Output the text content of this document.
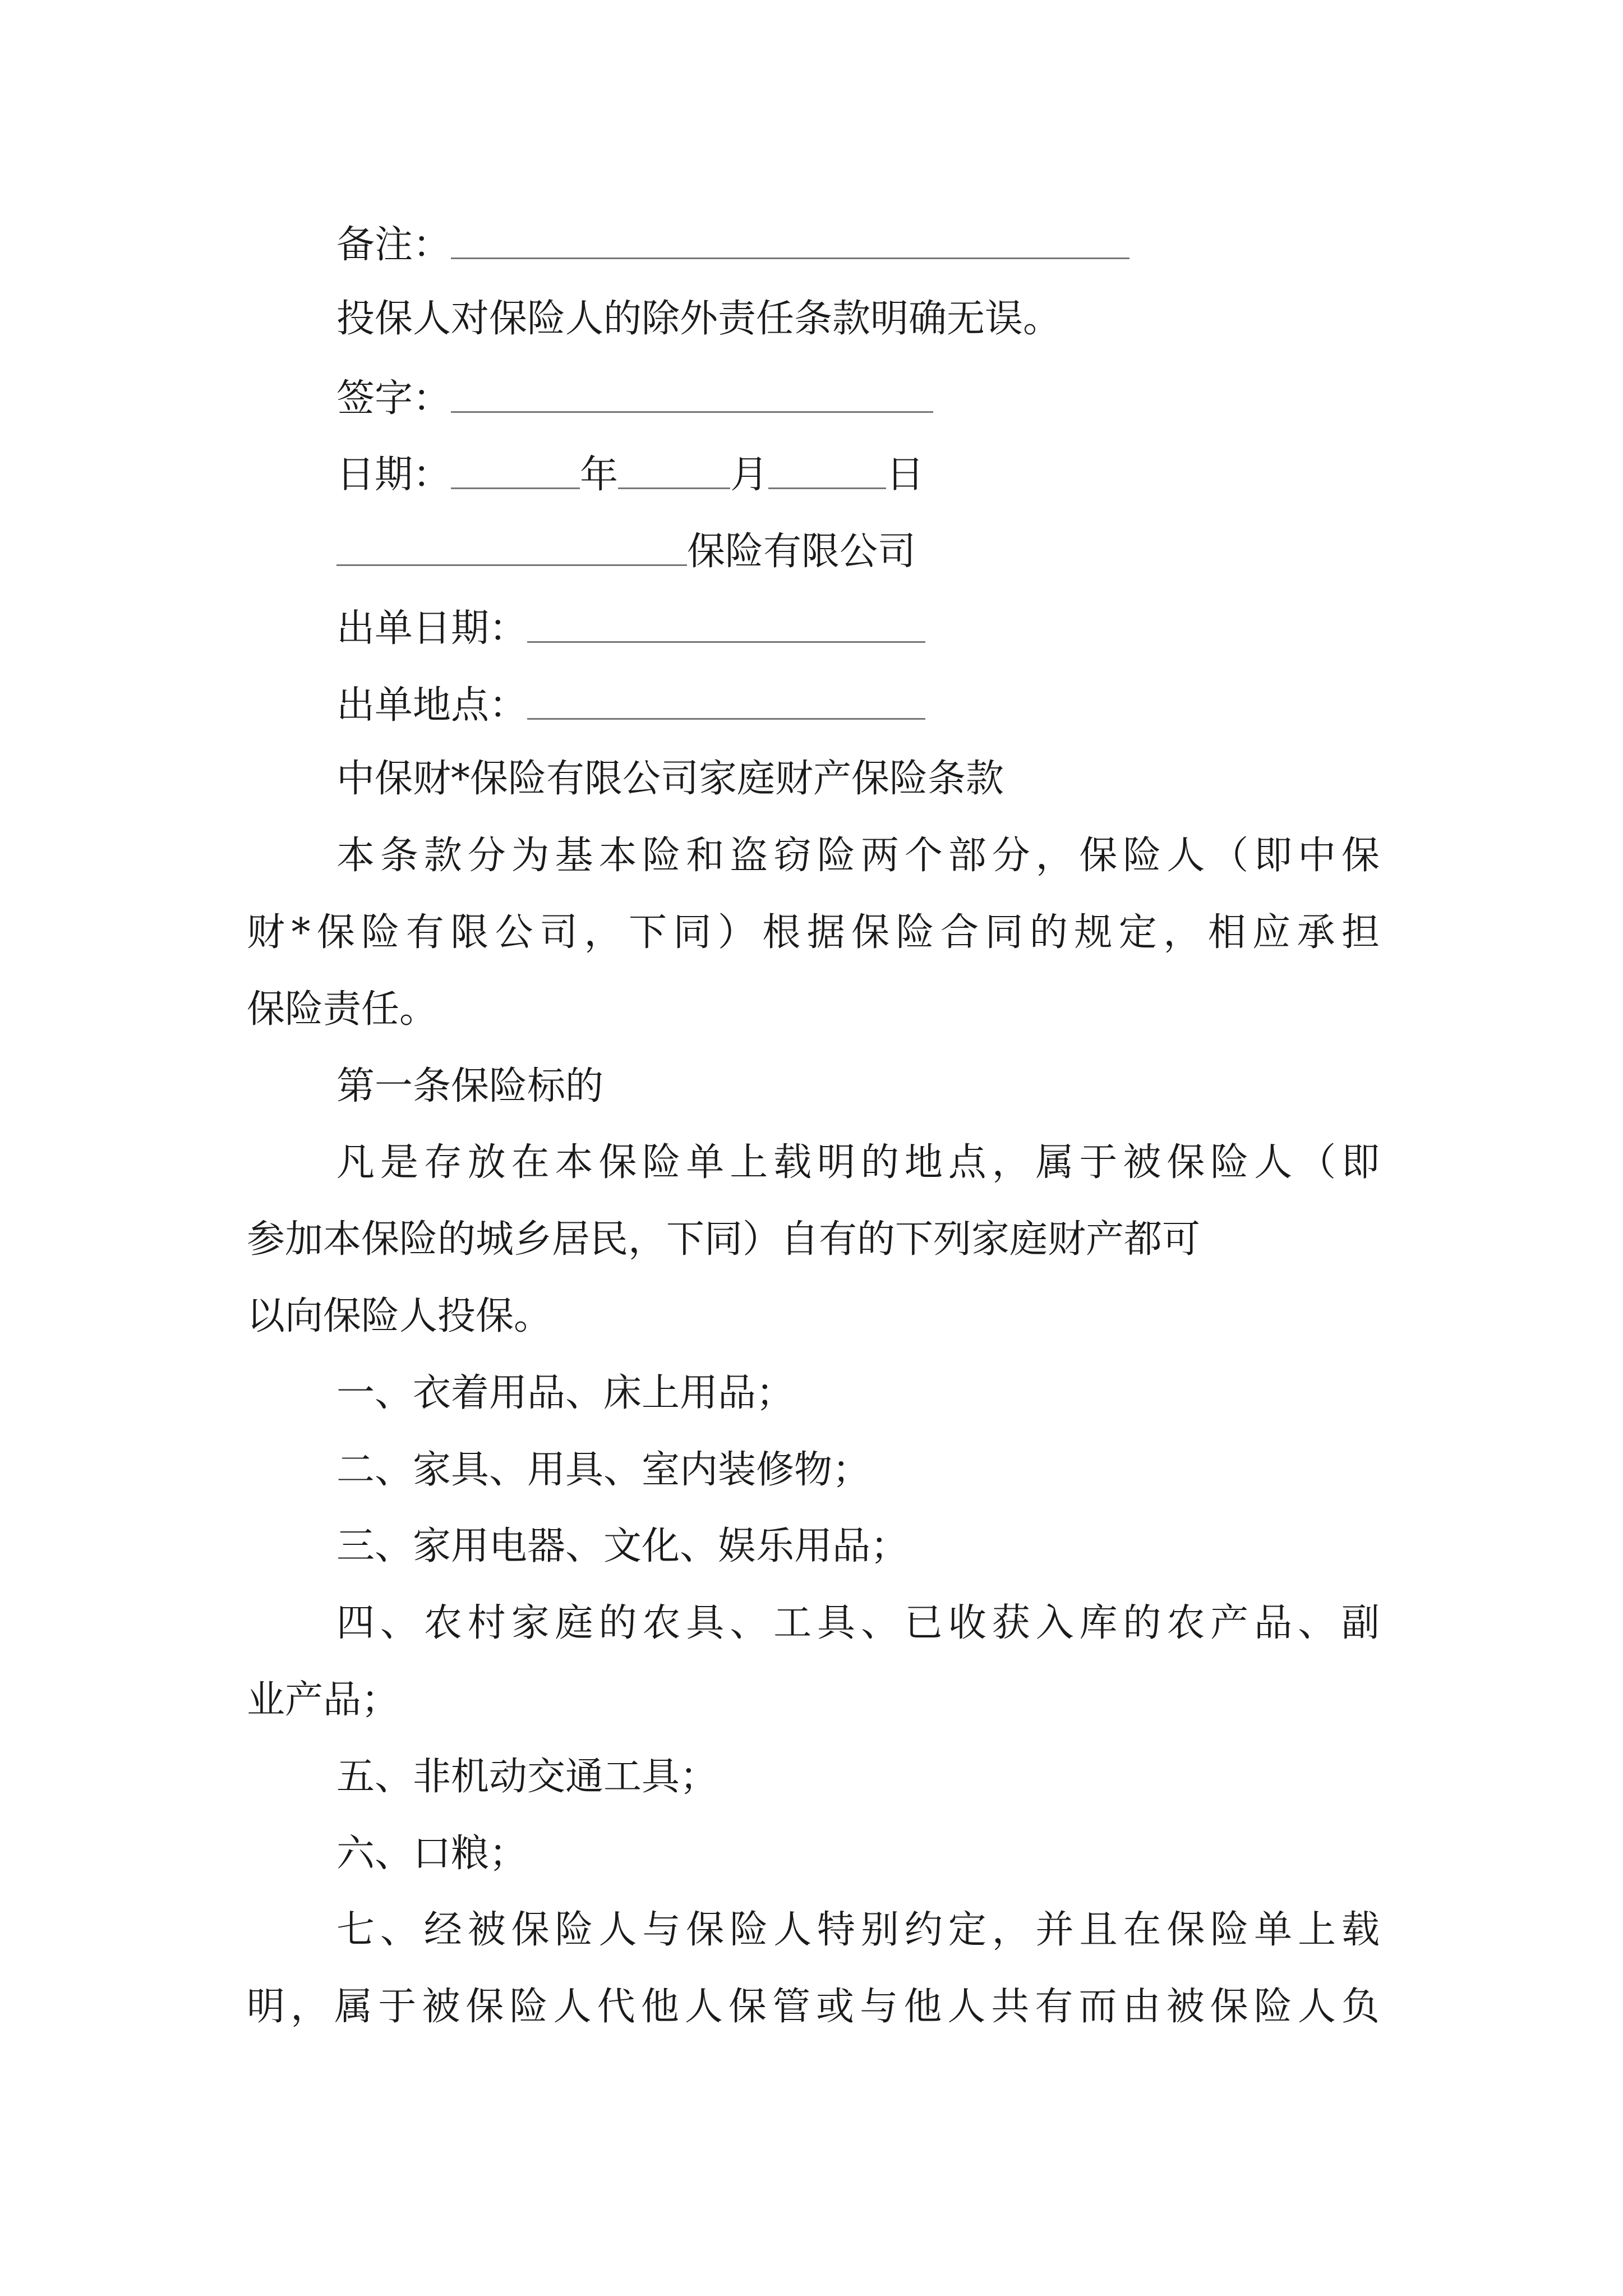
备注：
投保人对保险人的除外责任条款明确无误。
签字：
日期：	年	月	日
保险有限公司
出单日期：
出单地点：
中保财*保险有限公司家庭财产保险条款
本条款分为基本险和盗窃险两个部分，保险人（即中保
财*保险有限公司，下同）根据保险合同的规定，相应承担
保险责任。
第一条保险标的
凡是存放在本保险单上载明的地点，属于被保险人（即
参加本保险的城乡居民，下同）自有的下列家庭财产都可
以向保险人投保。
一、衣着用品、床上用品；
二、家具、用具、室内装修物；
三、家用电器、文化、娱乐用品；
四、农村家庭的农具、工具、已收获入库的农产品、副
业产品；
五、非机动交通工具；
六、口粮；
七、经被保险人与保险人特别约定，并且在保险单上载
明，属于被保险人代他人保管或与他人共有而由被保险人负
